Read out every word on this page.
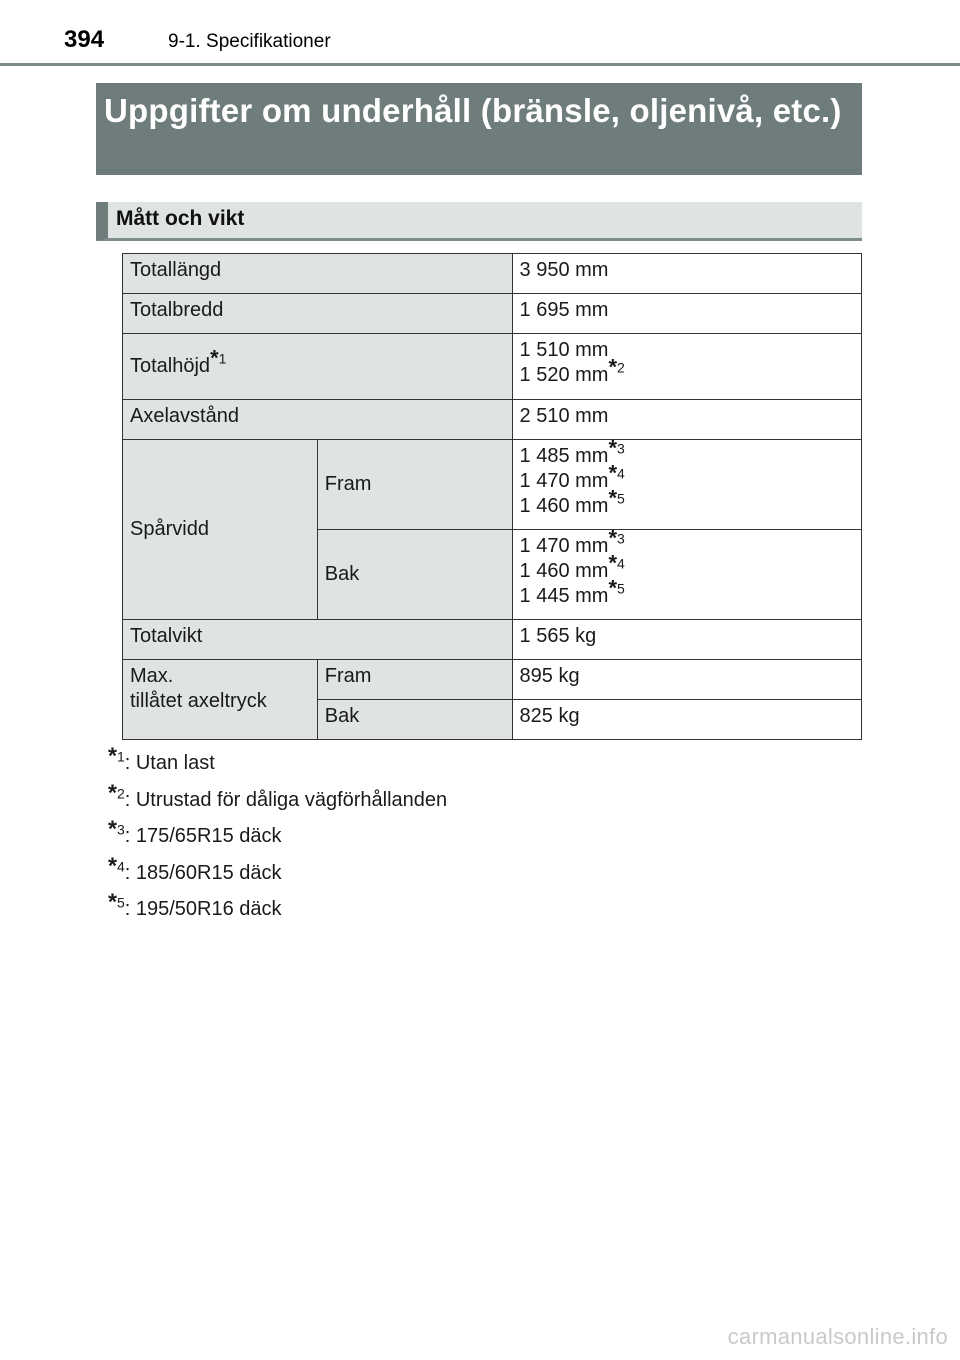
394	9-1. Specifikationer
Uppgifter om underhåll (bränsle, oljenivå, etc.)
Mått och vikt
Totallängd		3 950 mm
Totalbredd		1 695 mm
Totalhöjd*$^1$		1 510 mm
1 520 mm*$^2$

Axelavstånd		2 510 mm
Spårvidd	Fram	1 485 mm*$^3$
1 470 mm*$^4$
1 460 mm*$^5$

	Bak	1 470 mm*$^3$
1 460 mm*$^4$
1 445 mm*$^5$

Totalvikt		1 565 kg

Max.
tillåtet axeltryck	Fram	895 kg
	Bak	825 kg
*$^1$: Utan last
*$^2$: Utrustad för dåliga vägförhållanden
*$^3$: 175/65R15 däck
*$^4$: 185/60R15 däck
*$^5$: 195/50R16 däck
carmanualsonline.info
